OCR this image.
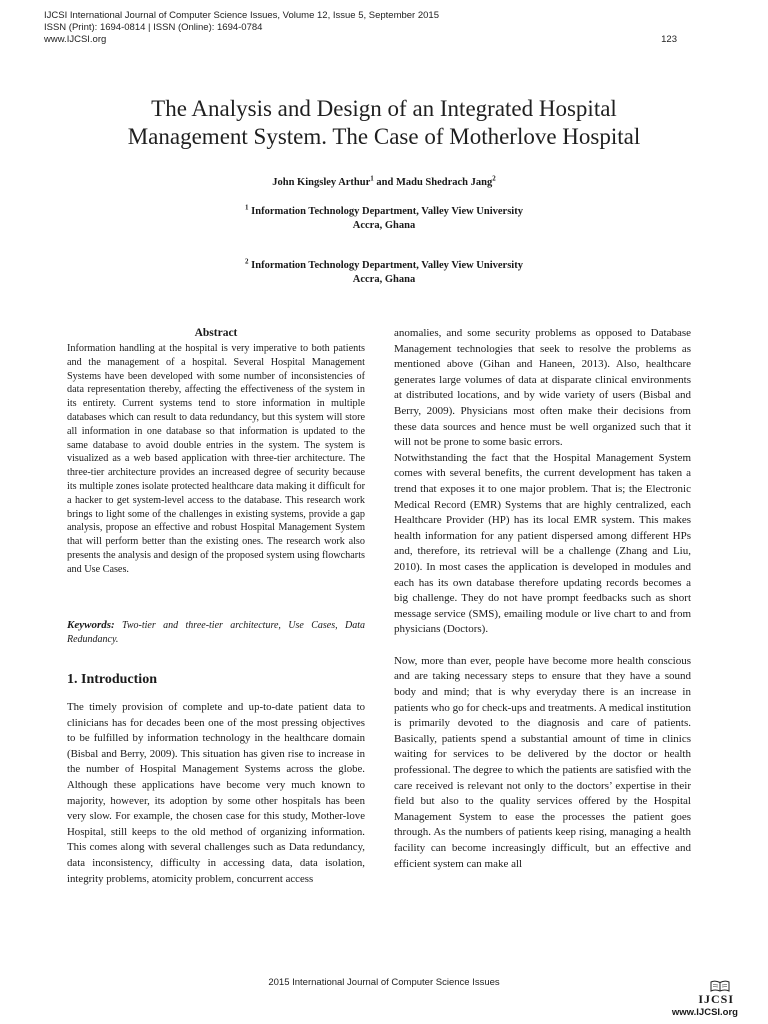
IJCSI International Journal of Computer Science Issues, Volume 12, Issue 5, September 2015
ISSN (Print): 1694-0814 | ISSN (Online): 1694-0784
www.IJCSI.org	123
The Analysis and Design of an Integrated Hospital
Management System. The Case of Motherlove Hospital
John Kingsley Arthur$^1$ and Madu Shedrach Jang$^2$
$^1$ Information Technology Department, Valley View University
Accra, Ghana
$^2$ Information Technology Department, Valley View University
Accra, Ghana
Abstract

Information handling at the hospital is very imperative to both patients and the management of a hospital. Several Hospital Management Systems have been developed with some number of inconsistencies of data representation thereby, affecting the effectiveness of the system in its entirety. Current systems tend to store information in multiple databases which can result to data redundancy, but this system will store all information in one database so that information is updated to the same database to avoid double entries in the system. The system is visualized as a web based application with three-tier architecture. The three-tier architecture provides an increased degree of security because its multiple zones isolate protected healthcare data making it difficult for a hacker to get system-level access to the database. This research work brings to light some of the challenges in existing systems, provide a gap analysis, propose an effective and robust Hospital Management System that will perform better than the existing ones. The research work also presents the analysis and design of the proposed system using flowcharts and Use Cases.

Keywords: Two-tier and three-tier architecture, Use Cases, Data Redundancy.
1. Introduction

The timely provision of complete and up-to-date patient data to clinicians has for decades been one of the most pressing objectives to be fulfilled by information technology in the healthcare domain (Bisbal and Berry, 2009). This situation has given rise to increase in the number of Hospital Management Systems across the globe. Although these applications have become very much known to majority, however, its adoption by some other hospitals has been very slow. For example, the chosen case for this study, Mother-love Hospital, still keeps to the old method of organizing information. This comes along with several challenges such as Data redundancy, data inconsistency, difficulty in accessing data, data isolation, integrity problems, atomicity problem, concurrent access

anomalies, and some security problems as opposed to Database Management technologies that seek to resolve the problems as mentioned above (Gihan and Haneen, 2013). Also, healthcare generates large volumes of data at disparate clinical environments at distributed locations, and by wide variety of users (Bisbal and Berry, 2009). Physicians most often make their decisions from these data sources and hence must be well organized such that it will not be prone to some basic errors.

Notwithstanding the fact that the Hospital Management System comes with several benefits, the current development has taken a trend that exposes it to one major problem. That is; the Electronic Medical Record (EMR) Systems that are highly centralized, each Healthcare Provider (HP) has its local EMR system. This makes health information for any patient dispersed among different HPs and, therefore, its retrieval will be a challenge (Zhang and Liu, 2010). In most cases the application is developed in modules and each has its own database therefore updating records becomes a big challenge. They do not have prompt feedbacks such as short message service (SMS), emailing module or live chart to and from physicians (Doctors).

Now, more than ever, people have become more health conscious and are taking necessary steps to ensure that they have a sound body and mind; that is why everyday there is an increase in patients who go for check-ups and treatments. A medical institution is primarily devoted to the diagnosis and care of patients. Basically, patients spend a substantial amount of time in clinics waiting for services to be delivered by the doctor or health professional. The degree to which the patients are satisfied with the care received is relevant not only to the doctors’ expertise in their field but also to the quality services offered by the Hospital Management System to ease the processes the patient goes through. As the numbers of patients keep rising, managing a health facility can become increasingly difficult, but an effective and efficient system can make all

2015 International Journal of Computer Science Issues
IJCSI
www.IJCSI.org
